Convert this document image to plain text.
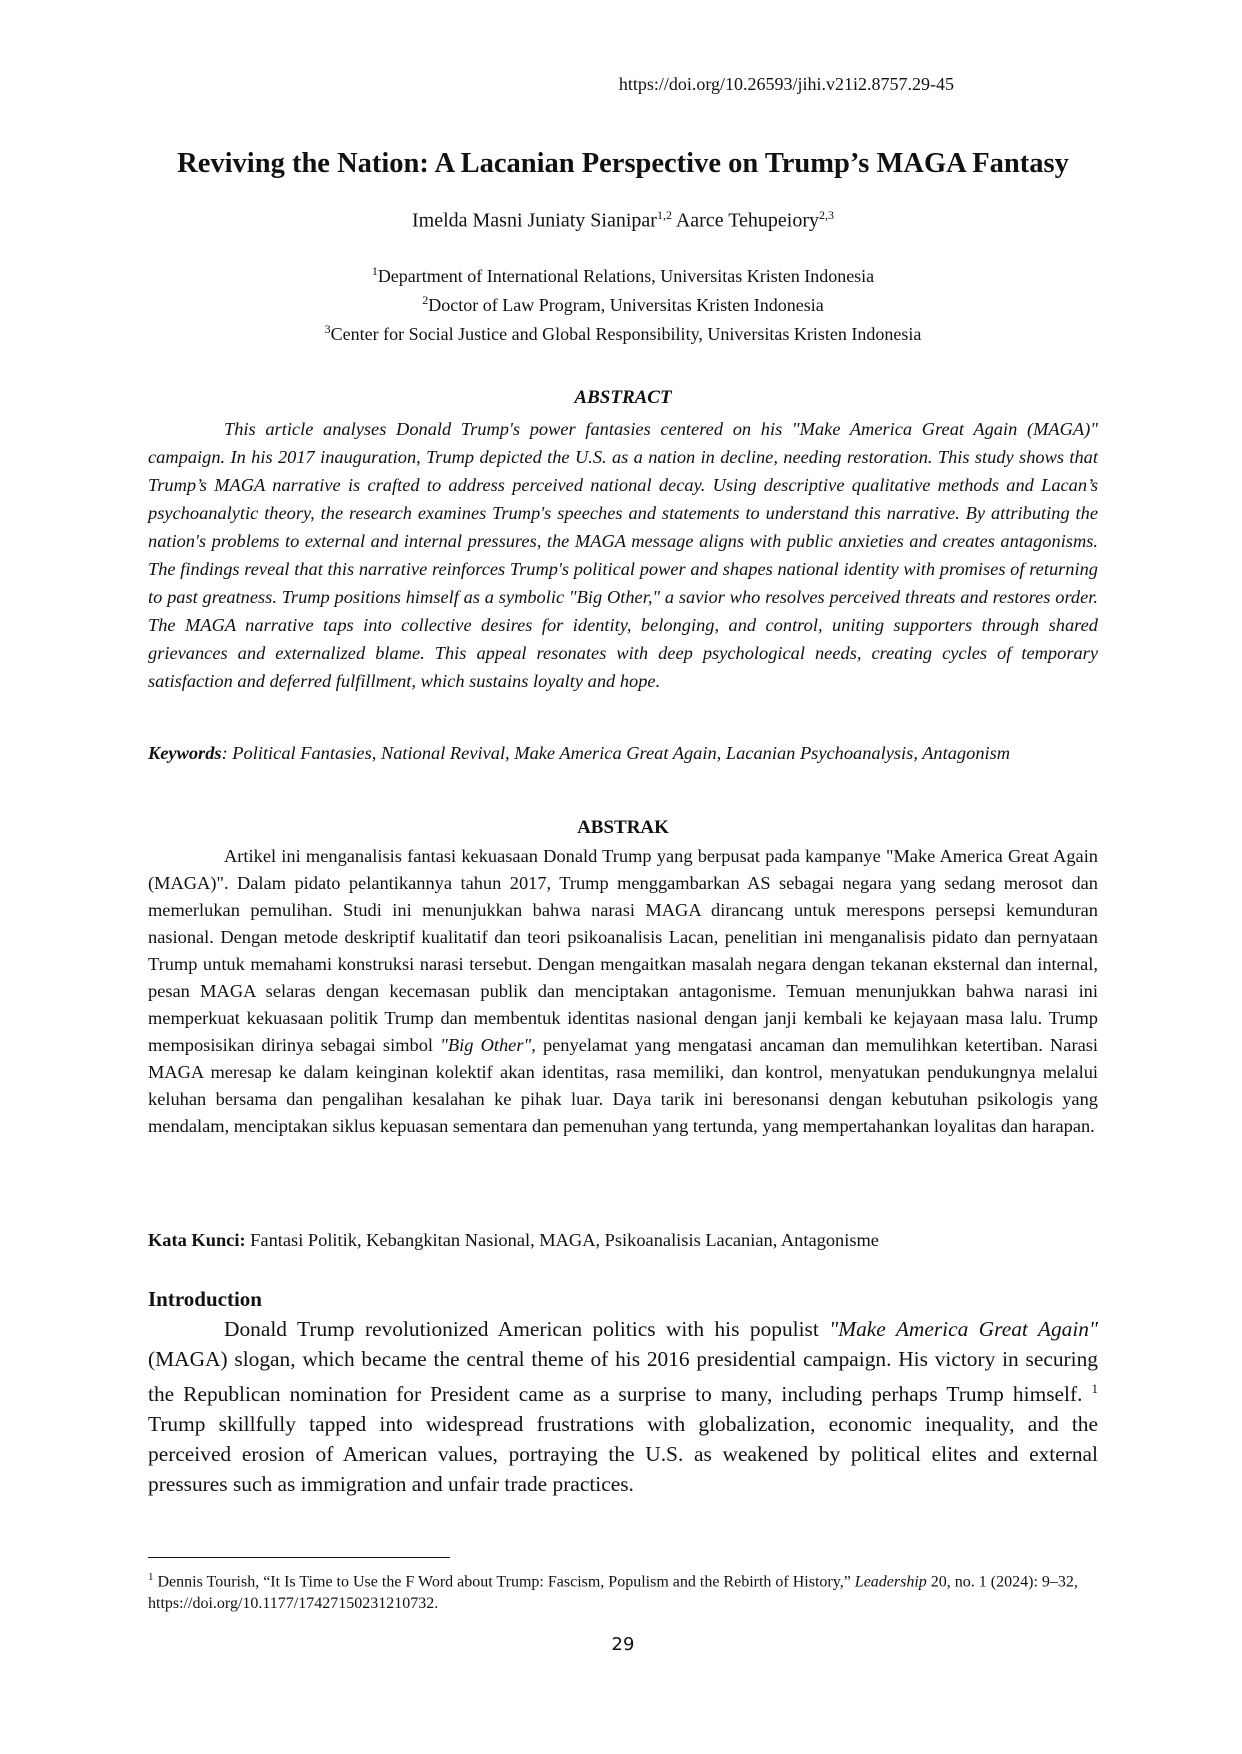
https://doi.org/10.26593/jihi.v21i2.8757.29-45
Reviving the Nation: A Lacanian Perspective on Trump’s MAGA Fantasy
Imelda Masni Juniaty Sianipar$^{1,2}$ Aarce Tehupeiory$^{2,3}$
$^1$Department of International Relations, Universitas Kristen Indonesia
$^2$Doctor of Law Program, Universitas Kristen Indonesia
$^3$Center for Social Justice and Global Responsibility, Universitas Kristen Indonesia
ABSTRACT

This article analyses Donald Trump's power fantasies centered on his "Make America Great Again (MAGA)" campaign. In his 2017 inauguration, Trump depicted the U.S. as a nation in decline, needing restoration. This study shows that Trump’s MAGA narrative is crafted to address perceived national decay. Using descriptive qualitative methods and Lacan’s psychoanalytic theory, the research examines Trump's speeches and statements to understand this narrative. By attributing the nation's problems to external and internal pressures, the MAGA message aligns with public anxieties and creates antagonisms. The findings reveal that this narrative reinforces Trump's political power and shapes national identity with promises of returning to past greatness. Trump positions himself as a symbolic "Big Other," a savior who resolves perceived threats and restores order. The MAGA narrative taps into collective desires for identity, belonging, and control, uniting supporters through shared grievances and externalized blame. This appeal resonates with deep psychological needs, creating cycles of temporary satisfaction and deferred fulfillment, which sustains loyalty and hope.

Keywords: Political Fantasies, National Revival, Make America Great Again, Lacanian Psychoanalysis, Antagonism

ABSTRAK

Artikel ini menganalisis fantasi kekuasaan Donald Trump yang berpusat pada kampanye "Make America Great Again (MAGA)". Dalam pidato pelantikannya tahun 2017, Trump menggambarkan AS sebagai negara yang sedang merosot dan memerlukan pemulihan. Studi ini menunjukkan bahwa narasi MAGA dirancang untuk merespons persepsi kemunduran nasional. Dengan metode deskriptif kualitatif dan teori psikoanalisis Lacan, penelitian ini menganalisis pidato dan pernyataan Trump untuk memahami konstruksi narasi tersebut. Dengan mengaitkan masalah negara dengan tekanan eksternal dan internal, pesan MAGA selaras dengan kecemasan publik dan menciptakan antagonisme. Temuan menunjukkan bahwa narasi ini memperkuat kekuasaan politik Trump dan membentuk identitas nasional dengan janji kembali ke kejayaan masa lalu. Trump memposisikan dirinya sebagai simbol "Big Other", penyelamat yang mengatasi ancaman dan memulihkan ketertiban. Narasi MAGA meresap ke dalam keinginan kolektif akan identitas, rasa memiliki, dan kontrol, menyatukan pendukungnya melalui keluhan bersama dan pengalihan kesalahan ke pihak luar. Daya tarik ini beresonansi dengan kebutuhan psikologis yang mendalam, menciptakan siklus kepuasan sementara dan pemenuhan yang tertunda, yang mempertahankan loyalitas dan harapan.

Kata Kunci: Fantasi Politik, Kebangkitan Nasional, MAGA, Psikoanalisis Lacanian, Antagonisme

Introduction

Donald Trump revolutionized American politics with his populist "Make America Great Again" (MAGA) slogan, which became the central theme of his 2016 presidential campaign. His victory in securing the Republican nomination for President came as a surprise to many, including perhaps Trump himself. $^1$ Trump skillfully tapped into widespread frustrations with globalization, economic inequality, and the perceived erosion of American values, portraying the U.S. as weakened by political elites and external pressures such as immigration and unfair trade practices.

$^1$ Dennis Tourish, “It Is Time to Use the F Word about Trump: Fascism, Populism and the Rebirth of History,” Leadership 20, no. 1 (2024): 9–32, https://doi.org/10.1177/17427150231210732.

29
